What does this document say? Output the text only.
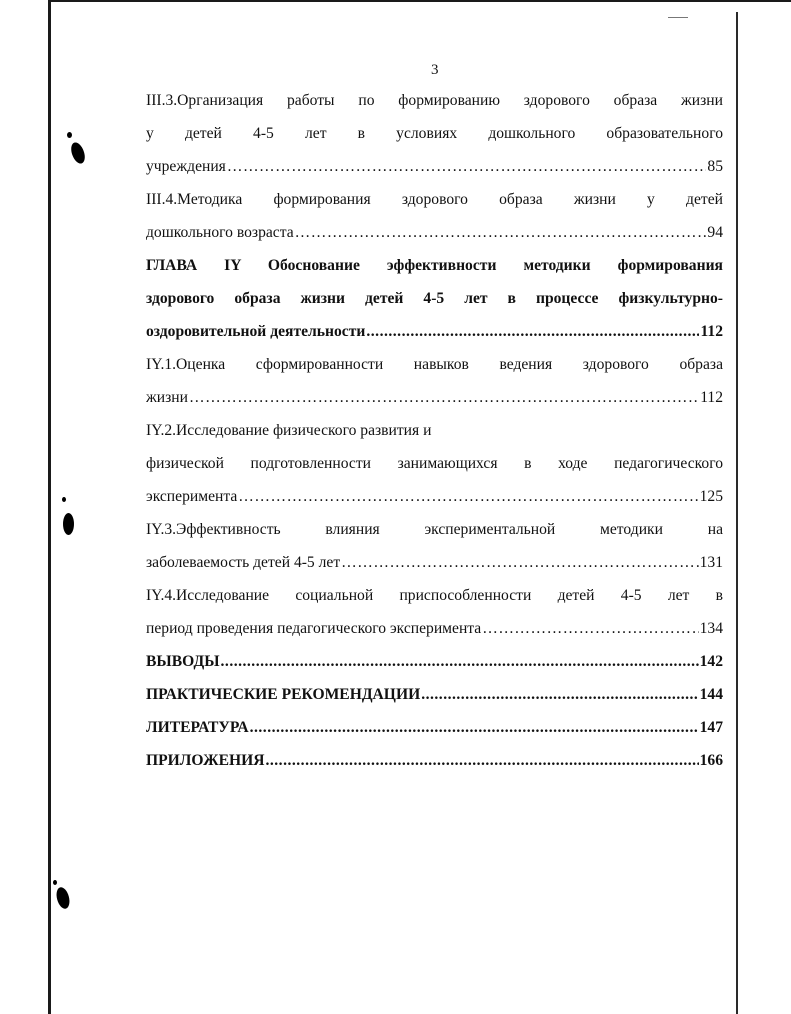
3
III.3.Организация работы по формированию здорового образа жизни
у детей 4-5 лет в условиях дошкольного образовательного
учреждения ……………………………………………………………………………………………………………………………………………………………………………………………………	85
III.4.Методика формирования здорового образа жизни у детей
дошкольного возраста ……………………………………………………………………………………………………………………………………………………………………………………………………	94
ГЛАВА IY Обоснование эффективности методики формирования
здорового образа жизни детей 4-5 лет в процессе физкультурно-
оздоровительной деятельности .....	112
IY.1.Оценка сформированности навыков ведения здорового образа
жизни ……………………………………………………………………………………………………………………………………………………………………………………………………	112
IY.2.Исследование физического развития и
физической подготовленности занимающихся в ходе педагогического
эксперимента ……………………………………………………………………………………………………………………………………………………………………………………………………	125
IY.3.Эффективность влияния экспериментальной методики на
заболеваемость детей 4-5 лет ……………………………………………………………………………………………………………………………………………………………………………………………………	131
IY.4.Исследование социальной приспособленности детей 4-5 лет в
период проведения педагогического эксперимента ……………………………………………………………………………………………………………………………………………………………………………………………………	134
ВЫВОДЫ .....	142
ПРАКТИЧЕСКИЕ РЕКОМЕНДАЦИИ .....	144
ЛИТЕРАТУРА .....	147
ПРИЛОЖЕНИЯ .....	166
